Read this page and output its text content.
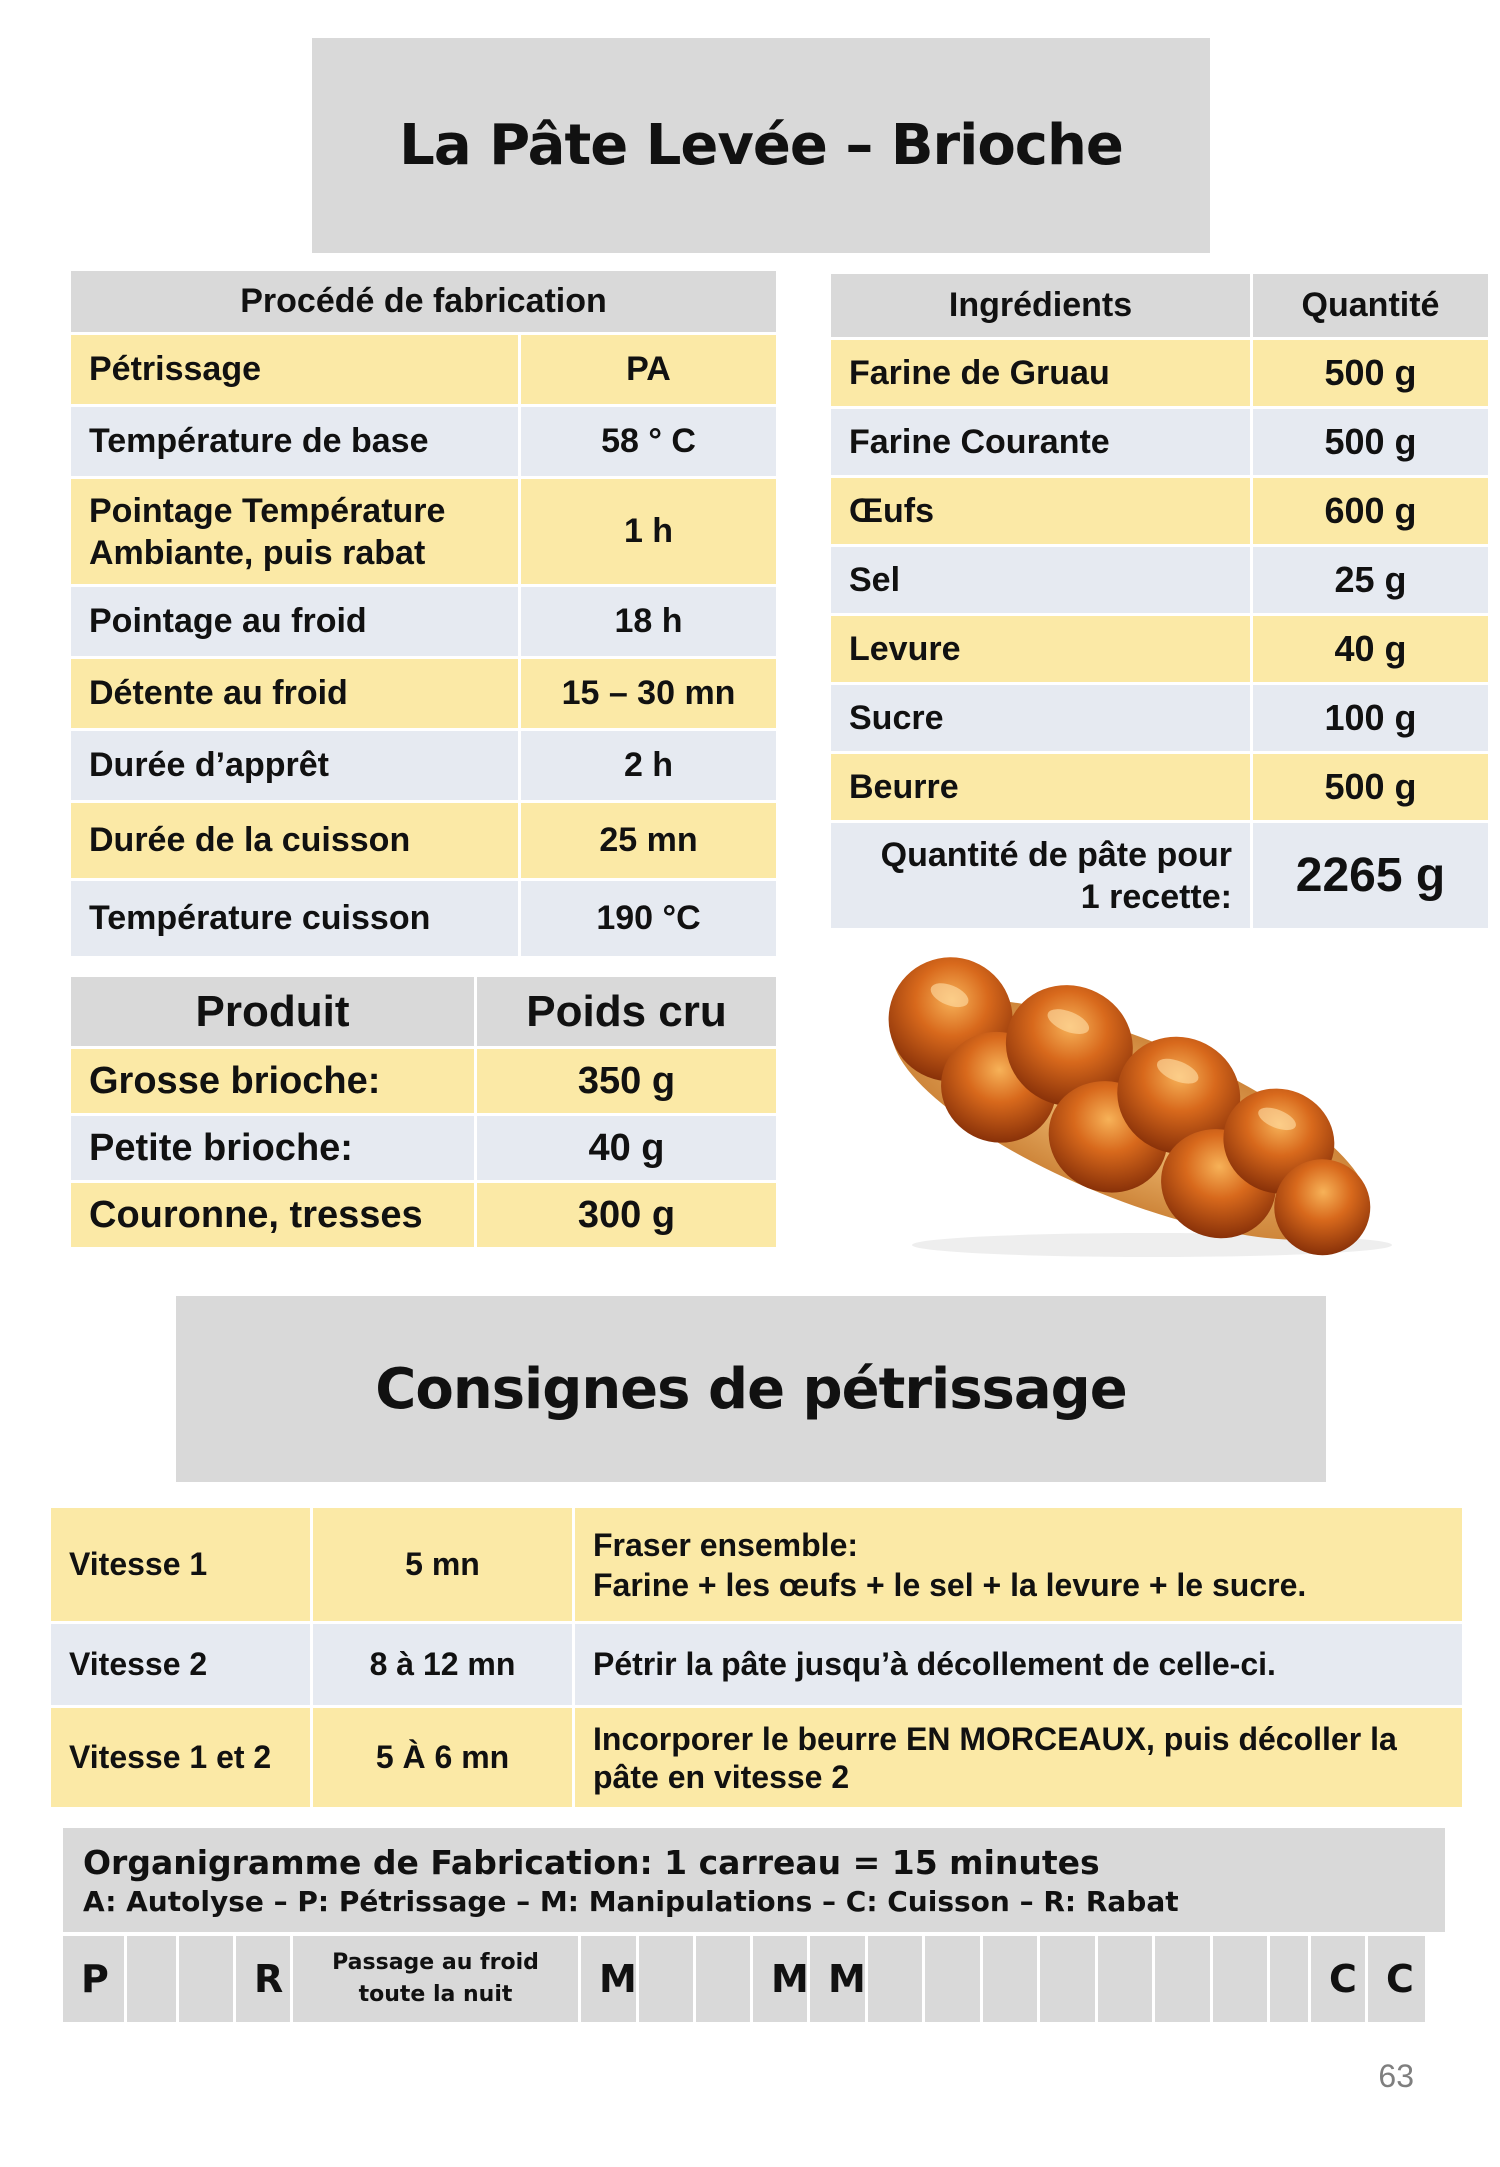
La Pâte Levée – Brioche
Procédé de fabrication	
Pétrissage	PA
Température de base	58 ° C
Pointage Température Ambiante, puis rabat	1 h
Pointage au froid	18 h
Détente au froid	15 – 30 mn
Durée d’apprêt	2 h
Durée de la cuisson	25 mn
Température cuisson	190 °C
Ingrédients	Quantité
Farine de Gruau	500 g
Farine Courante	500 g
Œufs	600 g
Sel	25 g
Levure	40 g
Sucre	100 g
Beurre	500 g
Quantité de pâte pour 1 recette:	2265 g
Produit	Poids cru
Grosse brioche:	350 g
Petite brioche:	40 g
Couronne, tresses	300 g
Consignes de pétrissage
Vitesse 1	5 mn	Fraser ensemble:
Farine + les œufs + le sel + la levure + le sucre.

Vitesse 2	8 à 12 mn	Pétrir la pâte jusqu’à décollement de celle-ci.

Vitesse 1 et 2	5 À 6 mn	Incorporer le beurre EN MORCEAUX, puis décoller la
pâte en vitesse 2
Organigramme de Fabrication: 1 carreau = 15 minutes
A: Autolyse – P: Pétrissage – M: Manipulations – C: Cuisson – R: Rabat
P	R	Passage au froid
toute la nuit	M	M M	C C
63
